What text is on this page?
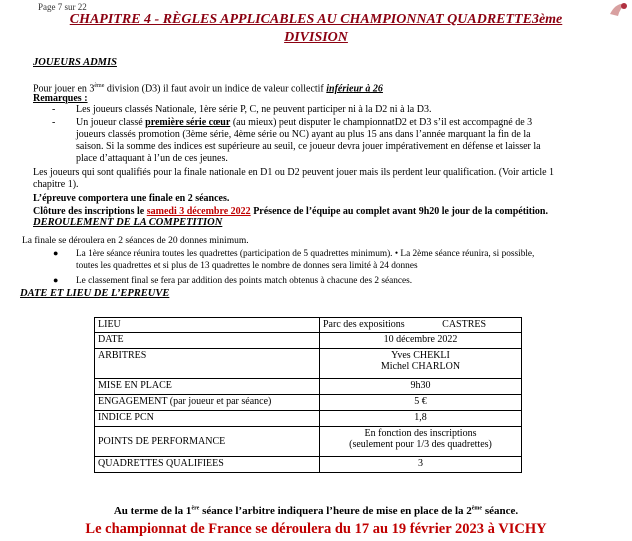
Page 7 sur 22
CHAPITRE 4 - RÈGLES APPLICABLES AU CHAMPIONNAT QUADRETTE3ème
DIVISION
JOUEURS ADMIS
Pour jouer en 3ème division (D3) il faut avoir un indice de valeur collectif inférieur à 26
Remarques :
- Les joueurs classés Nationale, 1ère série P, C, ne peuvent participer ni à la D2 ni à la D3.
- Un joueur classé première série cœur (au mieux) peut disputer le championnatD2 et D3 s’il est accompagné de 3
joueurs classés promotion (3ème série, 4ème série ou NC) ayant au plus 15 ans dans l’année marquant la fin de la
saison. Si la somme des indices est supérieure au seuil, ce joueur devra jouer impérativement en défense et laisser la
place d’attaquant à l’un de ces jeunes.
Les joueurs qui sont qualifiés pour la finale nationale en D1 ou D2 peuvent jouer mais ils perdent leur qualification. (Voir article 1
chapitre 1).
L’épreuve comportera une finale en 2 séances.
Clôture des inscriptions le samedi 3 décembre 2022 Présence de l’équipe au complet avant 9h20 le jour de la compétition.
DEROULEMENT DE LA COMPETITION
La finale se déroulera en 2 séances de 20 donnes minimum.
● La 1ère séance réunira toutes les quadrettes (participation de 5 quadrettes minimum). • La 2ème séance réunira, si possible,
toutes les quadrettes et si plus de 13 quadrettes le nombre de donnes sera limité à 24 donnes
● Le classement final se fera par addition des points match obtenus à chacune des 2 séances.
DATE ET LIEU DE L’EPREUVE
LIEU	Parc des expositions               CASTRES
DATE	10 décembre 2022
ARBITRES	Yves CHEKLI
Michel CHARLON

MISE EN PLACE	9h30
ENGAGEMENT (par joueur et par séance)	5 €
INDICE PCN	1,8
POINTS DE PERFORMANCE	En fonction des inscriptions
(seulement pour 1/3 des quadrettes)

QUADRETTES QUALIFIEES	3
Au terme de la 1ère séance l’arbitre indiquera l’heure de mise en place de la 2ème séance.
Le championnat de France se déroulera du 17 au 19 février 2023 à VICHY
